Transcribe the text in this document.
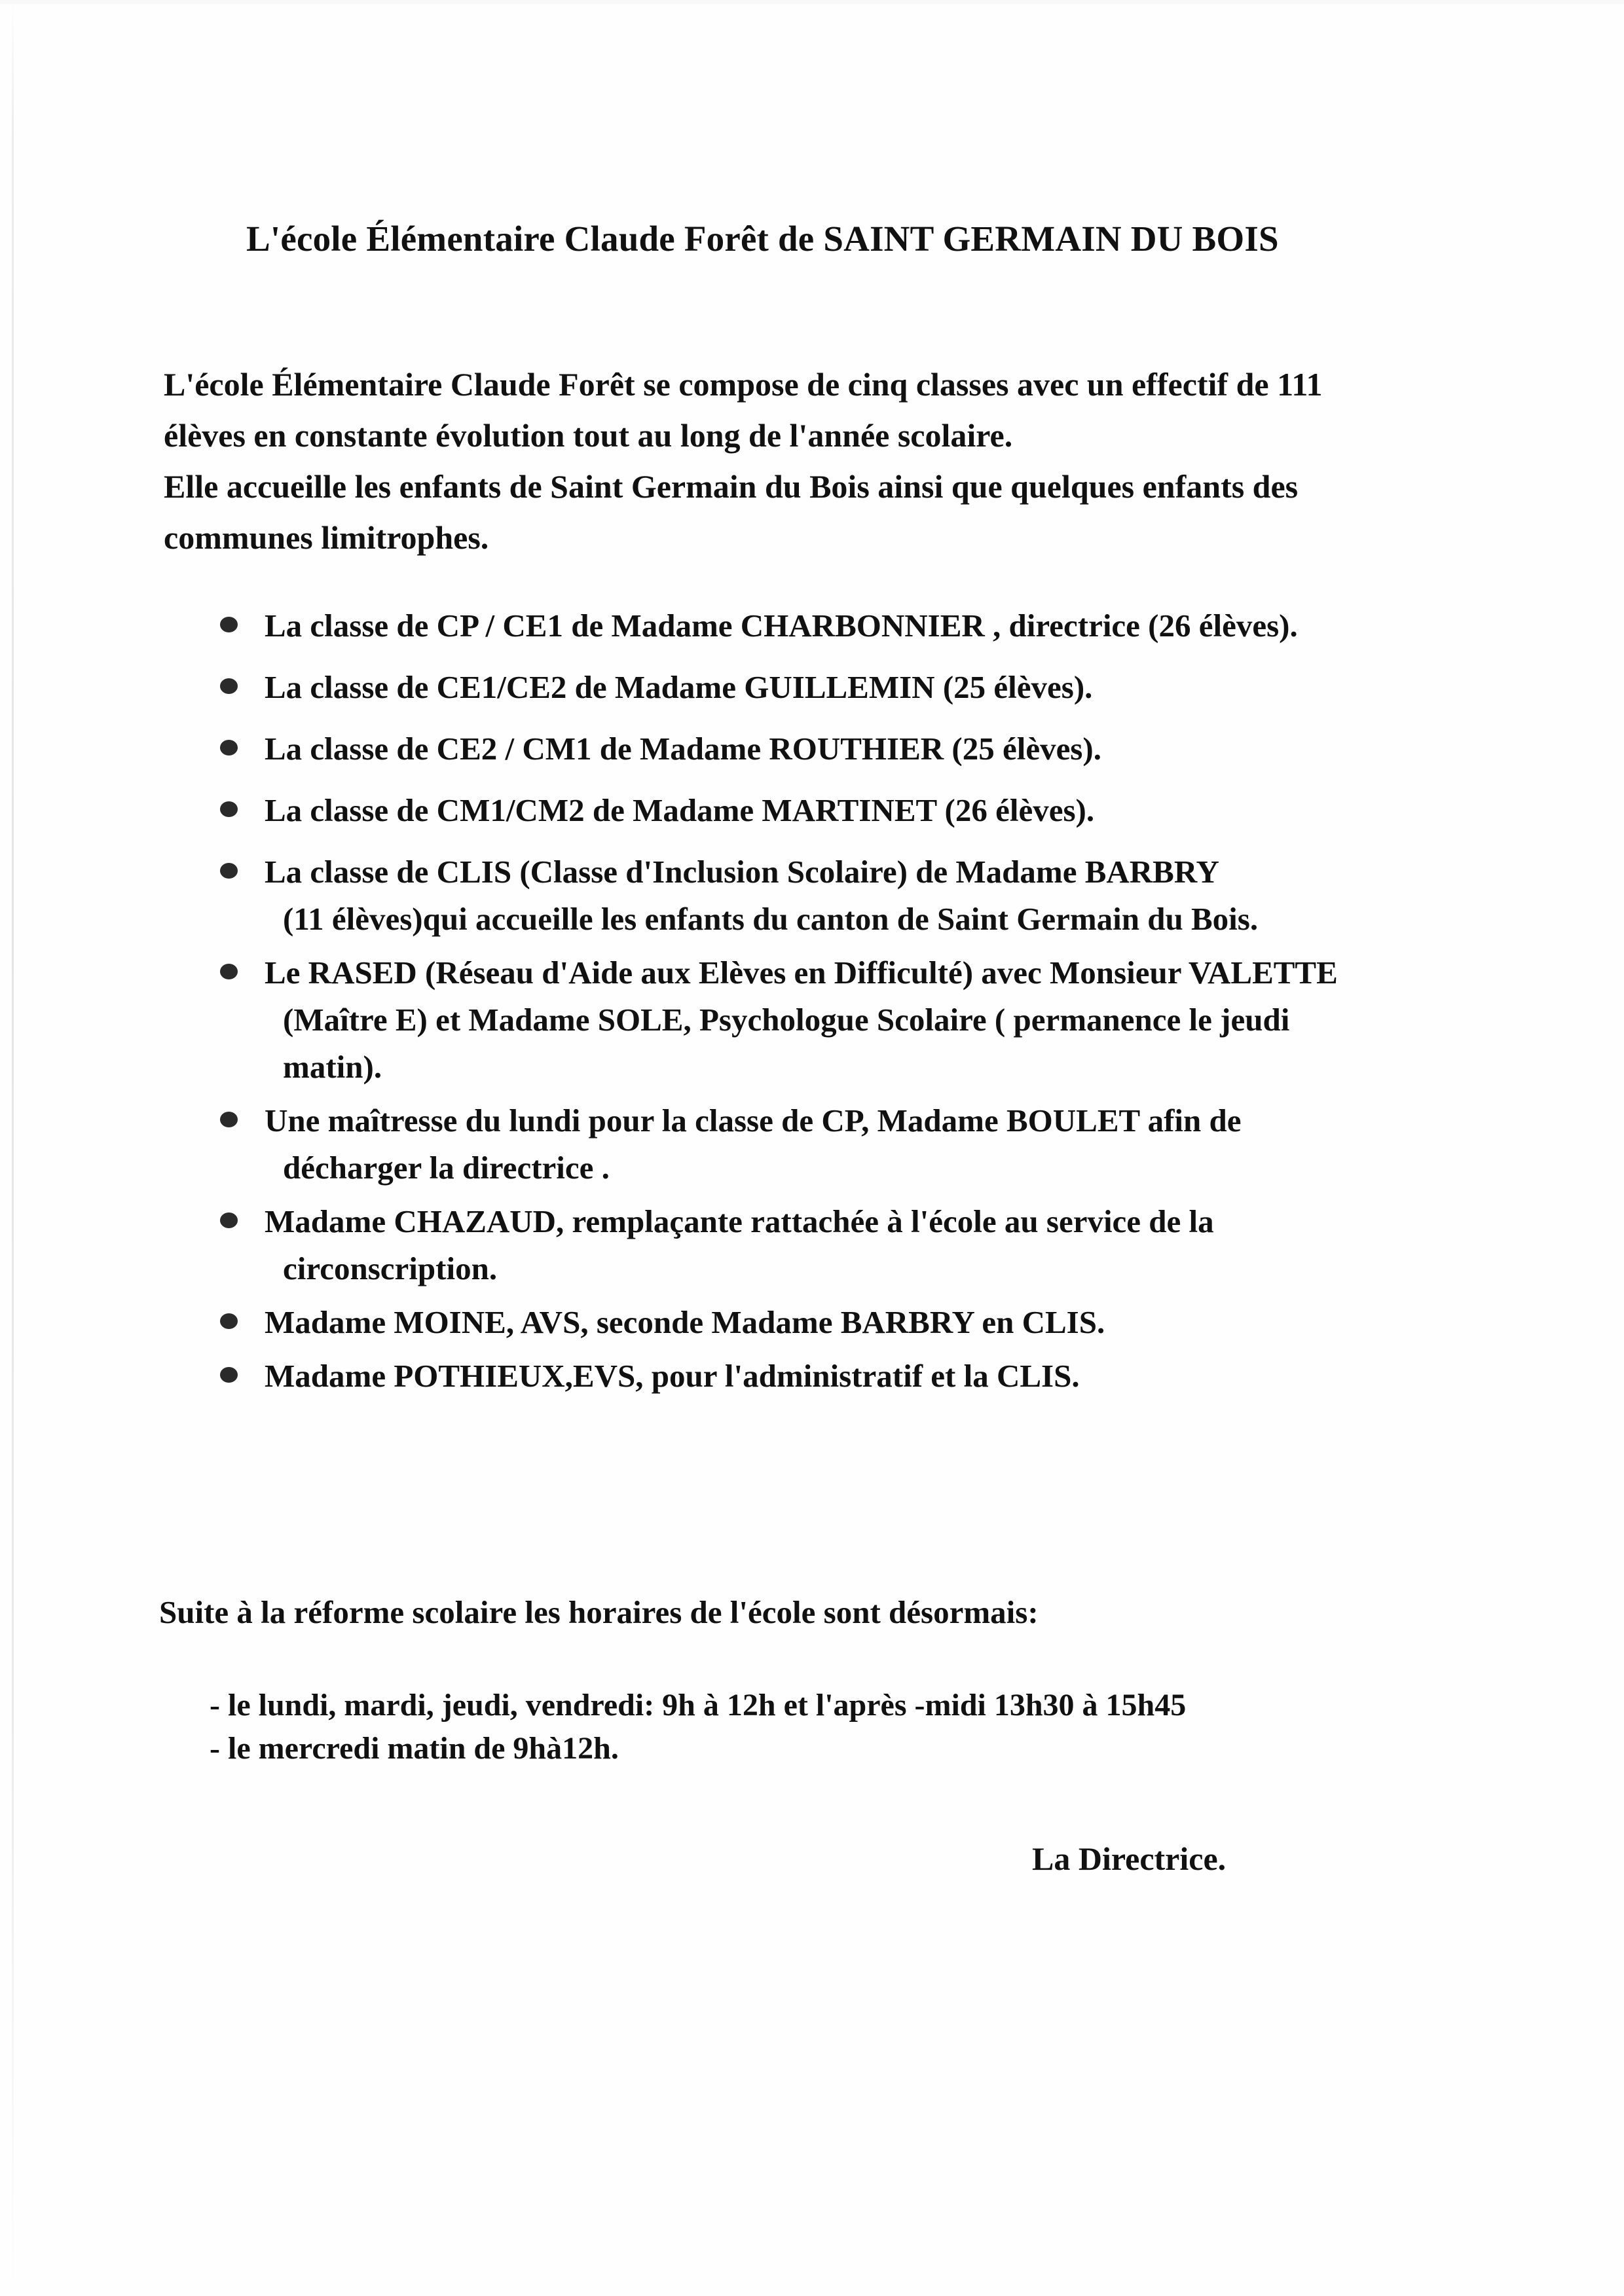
L'école Élémentaire Claude Forêt de SAINT GERMAIN DU BOIS
L'école Élémentaire Claude Forêt se compose de cinq classes avec un effectif de 111
élèves en constante évolution tout au long de l'année scolaire.
Elle accueille les enfants de Saint Germain du Bois ainsi que quelques enfants des
communes limitrophes.
La classe de CP / CE1 de Madame CHARBONNIER , directrice (26 élèves).
La classe de CE1/CE2 de Madame GUILLEMIN (25 élèves).
La classe de CE2 / CM1 de Madame ROUTHIER (25 élèves).
La classe de CM1/CM2 de Madame MARTINET (26 élèves).
La classe de CLIS (Classe d'Inclusion Scolaire) de Madame BARBRY
(11 élèves)qui accueille les enfants du canton de Saint Germain du Bois.
Le RASED (Réseau d'Aide aux Elèves en Difficulté) avec Monsieur VALETTE
(Maître E) et Madame SOLE, Psychologue Scolaire ( permanence le jeudi
matin).
Une maîtresse du lundi pour la classe de CP, Madame BOULET afin de
décharger la directrice .
Madame CHAZAUD, remplaçante rattachée à l'école au service de la
circonscription.
Madame MOINE, AVS, seconde Madame BARBRY en CLIS.
Madame POTHIEUX,EVS, pour l'administratif et la CLIS.
Suite à la réforme scolaire les horaires de l'école sont désormais:
- le lundi, mardi, jeudi, vendredi: 9h à 12h et l'après -midi 13h30 à 15h45
- le mercredi matin de 9hà12h.
La Directrice.
